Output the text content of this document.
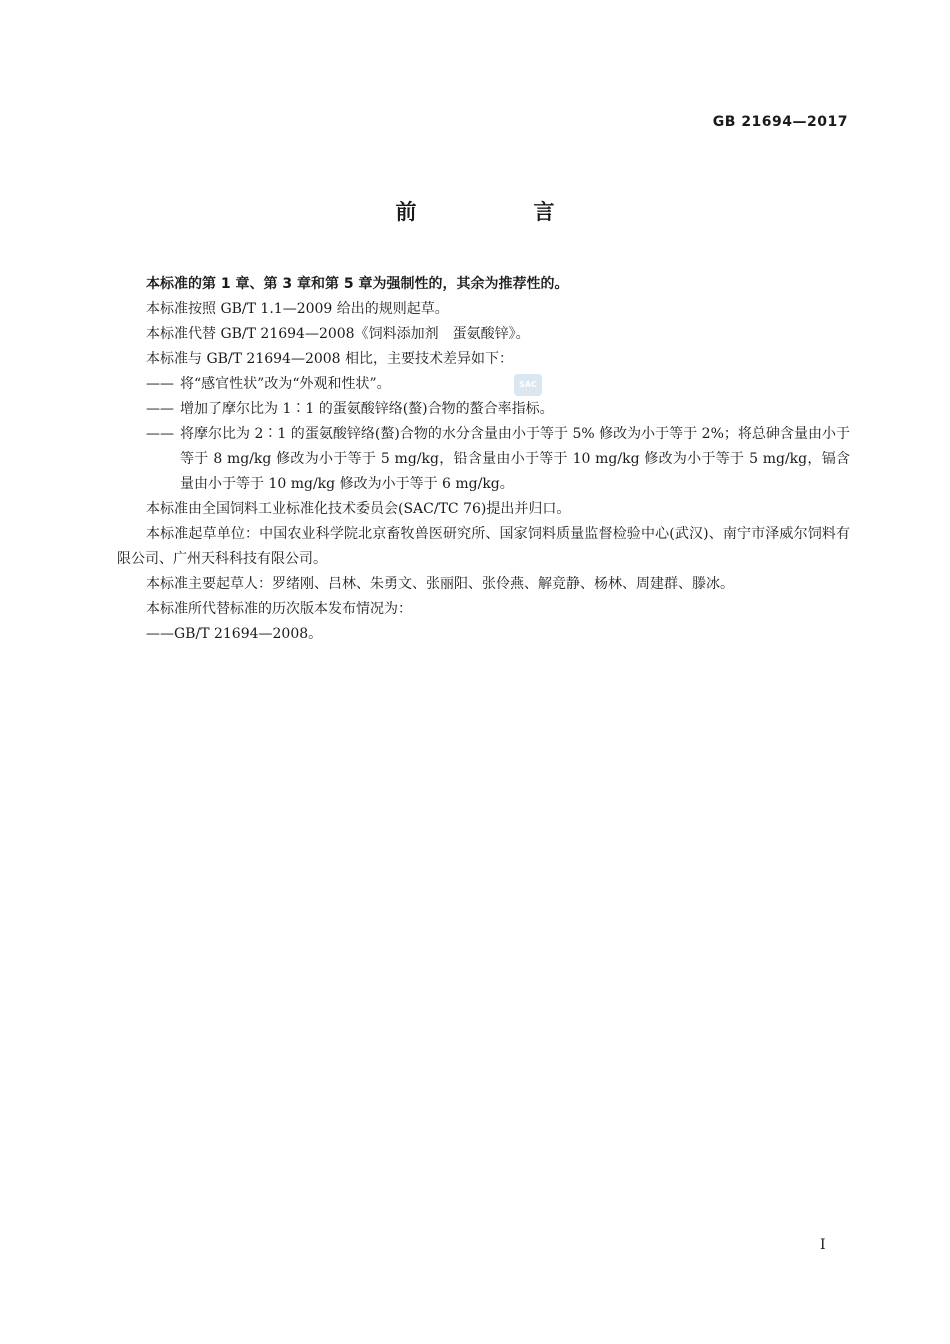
GB 21694—2017
前　言
SAC

本标准的第 1 章、第 3 章和第 5 章为强制性的，其余为推荐性的。

本标准按照 GB/T 1.1—2009 给出的规则起草。

本标准代替 GB/T 21694—2008《饲料添加剂　蛋氨酸锌》。

本标准与 GB/T 21694—2008 相比，主要技术差异如下：

—— 将“感官性状”改为“外观和性状”。
—— 增加了摩尔比为 1∶1 的蛋氨酸锌络(螯)合物的螯合率指标。
—— 将摩尔比为 2∶1 的蛋氨酸锌络(螯)合物的水分含量由小于等于 5% 修改为小于等于 2%；将总砷含量由小于等于 8 mg/kg 修改为小于等于 5 mg/kg，铅含量由小于等于 10 mg/kg 修改为小于等于 5 mg/kg，镉含量由小于等于 10 mg/kg 修改为小于等于 6 mg/kg。

本标准由全国饲料工业标准化技术委员会(SAC/TC 76)提出并归口。

本标准起草单位：中国农业科学院北京畜牧兽医研究所、国家饲料质量监督检验中心(武汉)、南宁市泽威尔饲料有限公司、广州天科科技有限公司。

本标准主要起草人：罗绪刚、吕林、朱勇文、张丽阳、张伶燕、解竞静、杨林、周建群、滕冰。

本标准所代替标准的历次版本发布情况为：

——GB/T 21694—2008。
I
